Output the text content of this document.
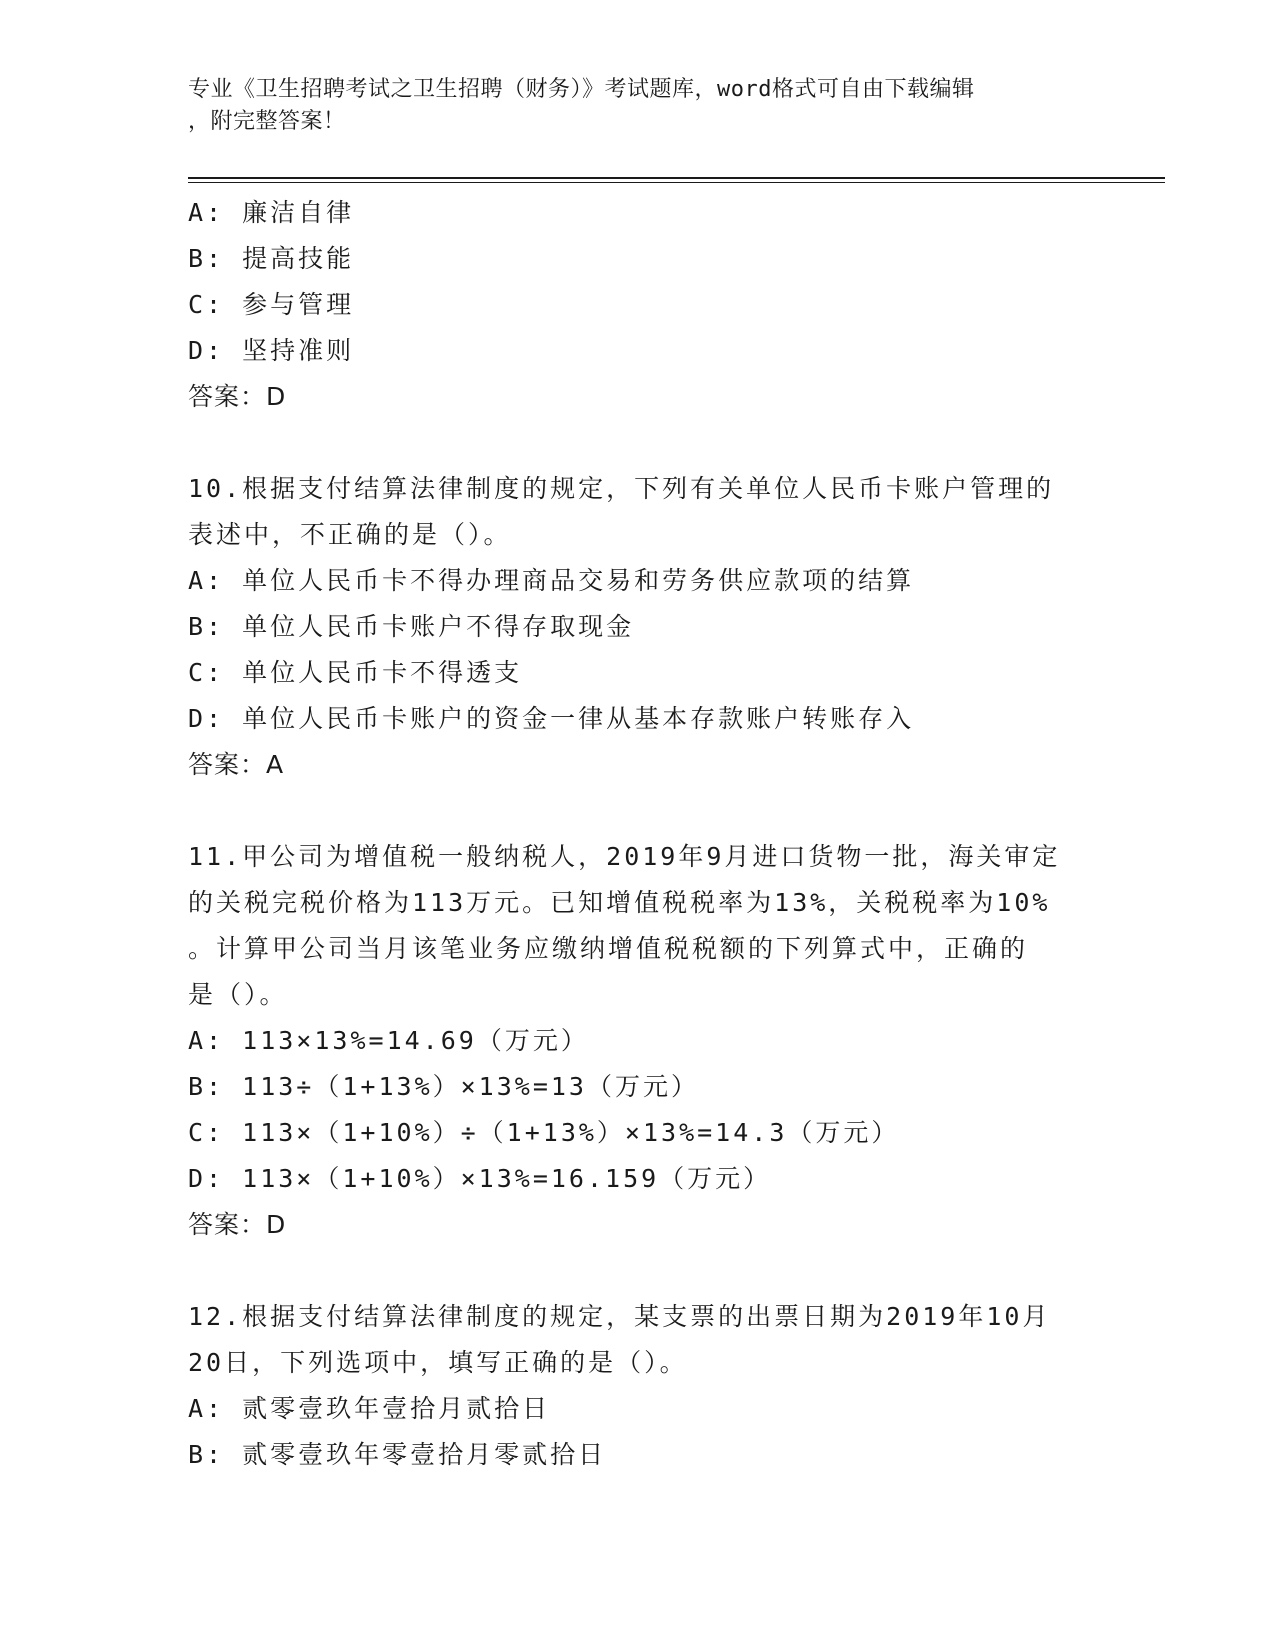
专业《卫生招聘考试之卫生招聘（财务）》考试题库，word格式可自由下载编辑
，附完整答案！
A: 廉洁自律
B: 提高技能
C: 参与管理
D: 坚持准则
答案：D
10.根据支付结算法律制度的规定，下列有关单位人民币卡账户管理的
表述中，不正确的是（）。
A: 单位人民币卡不得办理商品交易和劳务供应款项的结算
B: 单位人民币卡账户不得存取现金
C: 单位人民币卡不得透支
D: 单位人民币卡账户的资金一律从基本存款账户转账存入
答案：A
11.甲公司为增值税一般纳税人，2019年9月进口货物一批，海关审定
的关税完税价格为113万元。已知增值税税率为13%，关税税率为10%
。计算甲公司当月该笔业务应缴纳增值税税额的下列算式中，正确的
是（）。
A: 113×13%=14.69（万元）
B: 113÷（1+13%）×13%=13（万元）
C: 113×（1+10%）÷（1+13%）×13%=14.3（万元）
D: 113×（1+10%）×13%=16.159（万元）
答案：D
12.根据支付结算法律制度的规定，某支票的出票日期为2019年10月
20日，下列选项中，填写正确的是（）。
A: 贰零壹玖年壹拾月贰拾日
B: 贰零壹玖年零壹拾月零贰拾日
